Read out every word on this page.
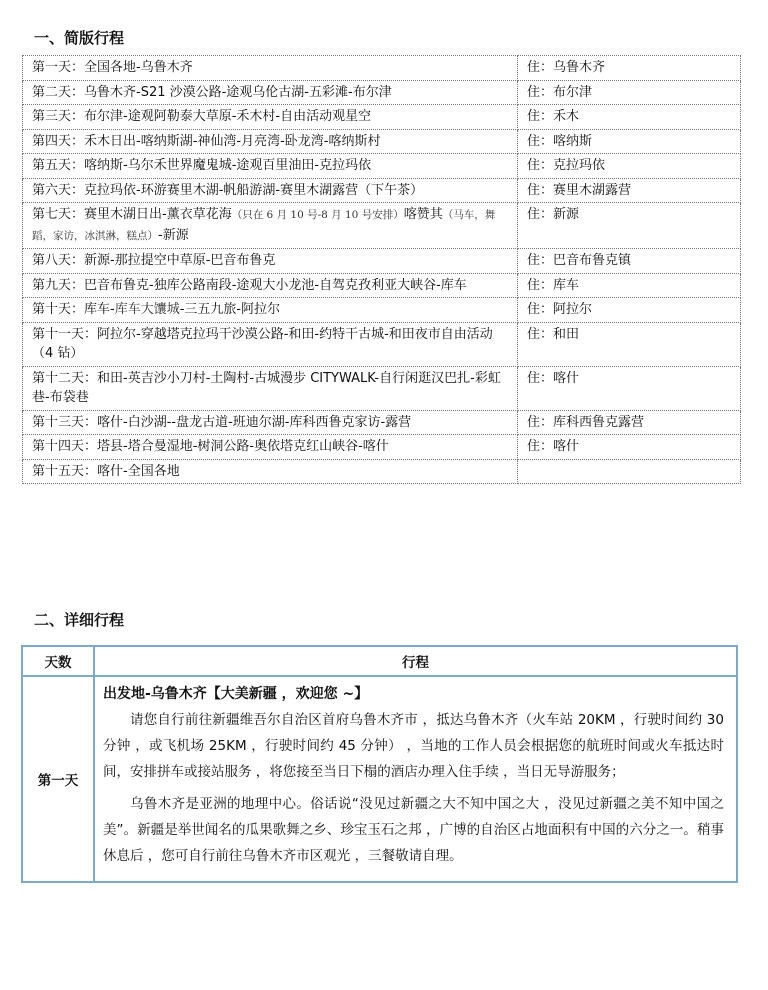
一、简版行程
第一天：全国各地-乌鲁木齐	住：乌鲁木齐
第二天：乌鲁木齐-S21 沙漠公路-途观乌伦古湖-五彩滩-布尔津	住：布尔津
第三天：布尔津-途观阿勒泰大草原-禾木村-自由活动观星空	住：禾木
第四天：禾木日出-喀纳斯湖-神仙湾-月亮湾-卧龙湾-喀纳斯村	住：喀纳斯
第五天：喀纳斯-乌尔禾世界魔鬼城-途观百里油田-克拉玛依	住：克拉玛依
第六天：克拉玛依-环游赛里木湖-帆船游湖-赛里木湖露营（下午茶）	住：赛里木湖露营
第七天：赛里木湖日出-薰衣草花海（只在 6 月 10 号-8 月 10 号安排）喀赞其（马车，舞蹈，家访，冰淇淋，糕点）-新源	住：新源
第八天：新源-那拉提空中草原-巴音布鲁克	住：巴音布鲁克镇
第九天：巴音布鲁克-独库公路南段-途观大小龙池-自驾克孜利亚大峡谷-库车	住：库车
第十天：库车-库车大馕城-三五九旅-阿拉尔	住：阿拉尔
第十一天：阿拉尔-穿越塔克拉玛干沙漠公路-和田-约特干古城-和田夜市自由活动（4 钻）	住：和田
第十二天：和田-英吉沙小刀村-土陶村-古城漫步 CITYWALK-自行闲逛汉巴扎-彩虹巷-布袋巷	住：喀什
第十三天：喀什-白沙湖--盘龙古道-班迪尔湖-库科西鲁克家访-露营	住：库科西鲁克露营
第十四天：塔县-塔合曼湿地-树洞公路-奥依塔克红山峡谷-喀什	住：喀什
第十五天：喀什-全国各地	
二、详细行程
天数	行程
第一天	出发地-乌鲁木齐【大美新疆 ，欢迎您 ~】

请您自行前往新疆维吾尔自治区首府乌鲁木齐市 ，抵达乌鲁木齐（火车站 20KM ，行驶时间约 30 分钟 ，或飞机场 25KM ，行驶时间约 45 分钟） ，当地的工作人员会根据您的航班时间或火车抵达时间，安排拼车或接站服务 ，将您接至当日下榻的酒店办理入住手续 ，当日无导游服务；

乌鲁木齐是亚洲的地理中心。俗话说“没见过新疆之大不知中国之大 ，没见过新疆之美不知中国之美”。新疆是举世闻名的瓜果歌舞之乡、珍宝玉石之邦 ，广博的自治区占地面积有中国的六分之一。稍事休息后 ，您可自行前往乌鲁木齐市区观光 ，三餐敬请自理。
